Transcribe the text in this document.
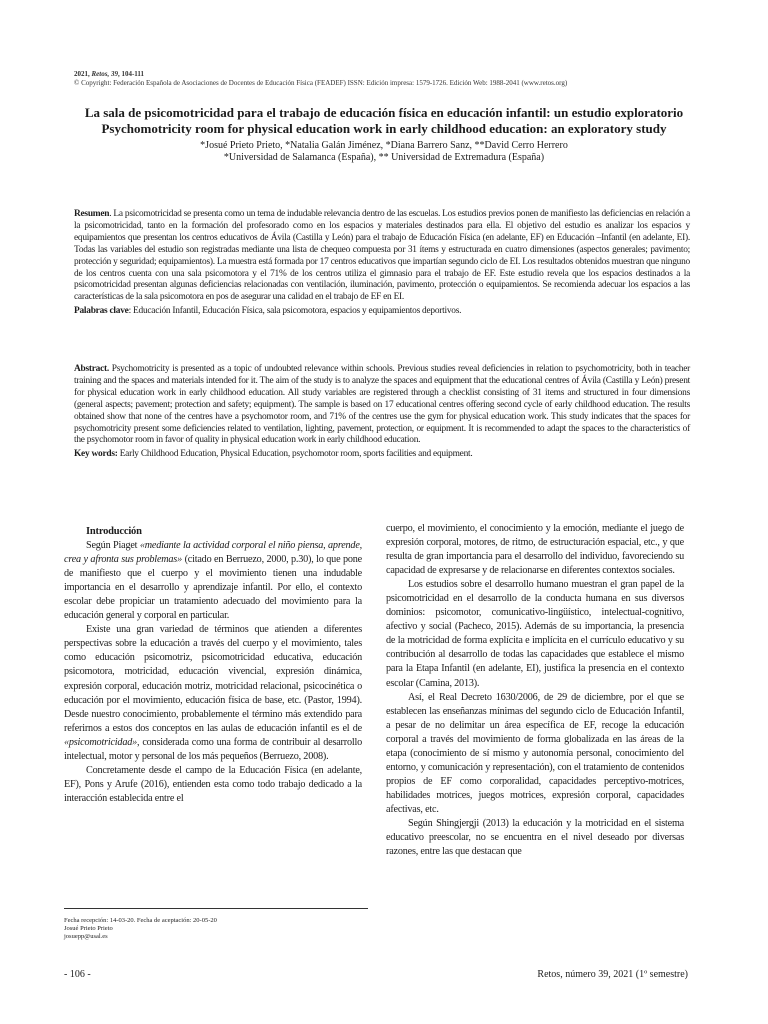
2021, Retos, 39, 104-111
© Copyright: Federación Española de Asociaciones de Docentes de Educación Física (FEADEF) ISSN: Edición impresa: 1579-1726. Edición Web: 1988-2041 (www.retos.org)
La sala de psicomotricidad para el trabajo de educación física en educación infantil: un estudio exploratorio
Psychomotricity room for physical education work in early childhood education: an exploratory study
*Josué Prieto Prieto, *Natalia Galán Jiménez, *Diana Barrero Sanz, **David Cerro Herrero
*Universidad de Salamanca (España), ** Universidad de Extremadura (España)
Resumen. La psicomotricidad se presenta como un tema de indudable relevancia dentro de las escuelas. Los estudios previos ponen de manifiesto las deficiencias en relación a la psicomotricidad, tanto en la formación del profesorado como en los espacios y materiales destinados para ella. El objetivo del estudio es analizar los espacios y equipamientos que presentan los centros educativos de Ávila (Castilla y León) para el trabajo de Educación Física (en adelante, EF) en Educación –Infantil (en adelante, EI). Todas las variables del estudio son registradas mediante una lista de chequeo compuesta por 31 ítems y estructurada en cuatro dimensiones (aspectos generales; pavimento; protección y seguridad; equipamientos). La muestra está formada por 17 centros educativos que impartían segundo ciclo de EI. Los resultados obtenidos muestran que ninguno de los centros cuenta con una sala psicomotora y el 71% de los centros utiliza el gimnasio para el trabajo de EF. Este estudio revela que los espacios destinados a la psicomotricidad presentan algunas deficiencias relacionadas con ventilación, iluminación, pavimento, protección o equipamientos. Se recomienda adecuar los espacios a las características de la sala psicomotora en pos de asegurar una calidad en el trabajo de EF en EI.
Palabras clave: Educación Infantil, Educación Física, sala psicomotora, espacios y equipamientos deportivos.
Abstract. Psychomotricity is presented as a topic of undoubted relevance within schools. Previous studies reveal deficiencies in relation to psychomotricity, both in teacher training and the spaces and materials intended for it. The aim of the study is to analyze the spaces and equipment that the educational centres of Ávila (Castilla y León) present for physical education work in early childhood education. All study variables are registered through a checklist consisting of 31 items and structured in four dimensions (general aspects; pavement; protection and safety; equipment). The sample is based on 17 educational centres offering second cycle of early childhood education. The results obtained show that none of the centres have a psychomotor room, and 71% of the centres use the gym for physical education work. This study indicates that the spaces for psychomotricity present some deficiencies related to ventilation, lighting, pavement, protection, or equipment. It is recommended to adapt the spaces to the characteristics of the psychomotor room in favor of quality in physical education work in early childhood education.
Key words: Early Childhood Education, Physical Education, psychomotor room, sports facilities and equipment.

Introducción

Según Piaget «mediante la actividad corporal el niño piensa, aprende, crea y afronta sus problemas» (citado en Berruezo, 2000, p.30), lo que pone de manifiesto que el cuerpo y el movimiento tienen una indudable importancia en el desarrollo y aprendizaje infantil. Por ello, el contexto escolar debe propiciar un tratamiento adecuado del movimiento para la educación general y corporal en particular.

Existe una gran variedad de términos que atienden a diferentes perspectivas sobre la educación a través del cuerpo y el movimiento, tales como educación psicomotriz, psicomotricidad educativa, educación psicomotora, motricidad, educación vivencial, expresión dinámica, expresión corporal, educación motriz, motricidad relacional, psicocinética o educación por el movimiento, educación física de base, etc. (Pastor, 1994). Desde nuestro conocimiento, probablemente el término más extendido para referirnos a estos dos conceptos en las aulas de educación infantil es el de «psicomotricidad», considerada como una forma de contribuir al desarrollo intelectual, motor y personal de los más pequeños (Berruezo, 2008).

Concretamente desde el campo de la Educación Física (en adelante, EF), Pons y Arufe (2016), entienden esta como todo trabajo dedicado a la interacción establecida entre el

cuerpo, el movimiento, el conocimiento y la emoción, mediante el juego de expresión corporal, motores, de ritmo, de estructuración espacial, etc., y que resulta de gran importancia para el desarrollo del individuo, favoreciendo su capacidad de expresarse y de relacionarse en diferentes contextos sociales.

Los estudios sobre el desarrollo humano muestran el gran papel de la psicomotricidad en el desarrollo de la conducta humana en sus diversos dominios: psicomotor, comunicativo-lingüístico, intelectual-cognitivo, afectivo y social (Pacheco, 2015). Además de su importancia, la presencia de la motricidad de forma explícita e implícita en el currículo educativo y su contribución al desarrollo de todas las capacidades que establece el mismo para la Etapa Infantil (en adelante, EI), justifica la presencia en el contexto escolar (Camina, 2013).

Así, el Real Decreto 1630/2006, de 29 de diciembre, por el que se establecen las enseñanzas mínimas del segundo ciclo de Educación Infantil, a pesar de no delimitar un área específica de EF, recoge la educación corporal a través del movimiento de forma globalizada en las áreas de la etapa (conocimiento de sí mismo y autonomía personal, conocimiento del entorno, y comunicación y representación), con el tratamiento de contenidos propios de EF como corporalidad, capacidades perceptivo-motrices, habilidades motrices, juegos motrices, expresión corporal, capacidades afectivas, etc.

Según Shingjergji (2013) la educación y la motricidad en el sistema educativo preescolar, no se encuentra en el nivel deseado por diversas razones, entre las que destacan que

Fecha recepción: 14-03-20. Fecha de aceptación: 20-05-20
Josué Prieto Prieto
josuepp@usal.es
- 106 -	Retos, número 39, 2021 (1º semestre)
